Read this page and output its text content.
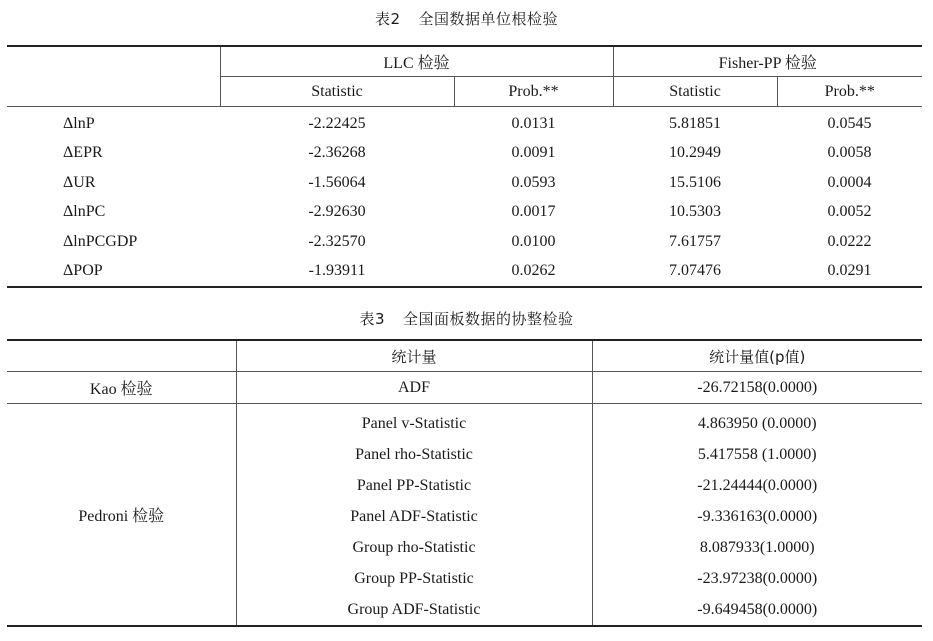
表2 全国数据单位根检验
	LLC 检验		Fisher-PP 检验	
	Statistic	Prob.**	Statistic	Prob.**
ΔlnP	-2.22425	0.0131	5.81851	0.0545
ΔEPR	-2.36268	0.0091	10.2949	0.0058
ΔUR	-1.56064	0.0593	15.5106	0.0004
ΔlnPC	-2.92630	0.0017	10.5303	0.0052
ΔlnPCGDP	-2.32570	0.0100	7.61757	0.0222
ΔPOP	-1.93911	0.0262	7.07476	0.0291
表3 全国面板数据的协整检验
	统计量	统计量值(p值)
Kao 检验	ADF	-26.72158(0.0000)
Pedroni 检验	Panel v-Statistic	4.863950 (0.0000)
	Panel rho-Statistic	5.417558 (1.0000)
	Panel PP-Statistic	-21.24444(0.0000)
	Panel ADF-Statistic	-9.336163(0.0000)
	Group rho-Statistic	8.087933(1.0000)
	Group PP-Statistic	-23.97238(0.0000)
	Group ADF-Statistic	-9.649458(0.0000)
